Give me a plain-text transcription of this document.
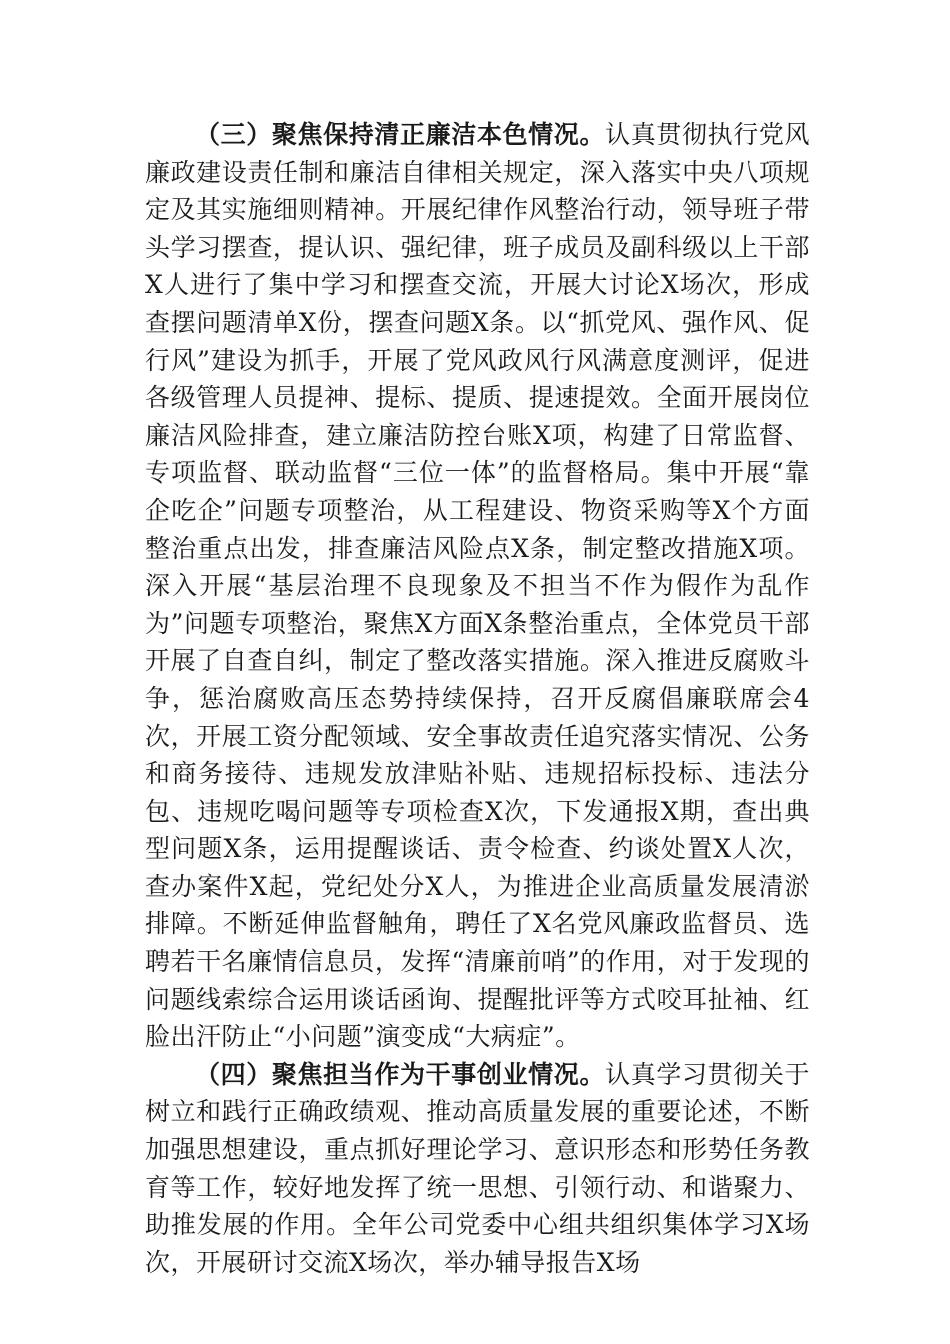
（三）聚焦保持清正廉洁本色情况。认真贯彻执行党风廉政建设责任制和廉洁自律相关规定，深入落实中央八项规定及其实施细则精神。开展纪律作风整治行动，领导班子带头学习摆查，提认识、强纪律，班子成员及副科级以上干部X人进行了集中学习和摆查交流，开展大讨论X场次，形成查摆问题清单X份，摆查问题X条。以“抓党风、强作风、促行风”建设为抓手，开展了党风政风行风满意度测评，促进各级管理人员提神、提标、提质、提速提效。全面开展岗位廉洁风险排查，建立廉洁防控台账X项，构建了日常监督、专项监督、联动监督“三位一体”的监督格局。集中开展“靠企吃企”问题专项整治，从工程建设、物资采购等X个方面整治重点出发，排查廉洁风险点X条，制定整改措施X项。深入开展“基层治理不良现象及不担当不作为假作为乱作为”问题专项整治，聚焦X方面X条整治重点，全体党员干部开展了自查自纠，制定了整改落实措施。深入推进反腐败斗争，惩治腐败高压态势持续保持，召开反腐倡廉联席会4次，开展工资分配领域、安全事故责任追究落实情况、公务和商务接待、违规发放津贴补贴、违规招标投标、违法分包、违规吃喝问题等专项检查X次，下发通报X期，查出典型问题X条，运用提醒谈话、责令检查、约谈处置X人次，查办案件X起，党纪处分X人，为推进企业高质量发展清淤排障。不断延伸监督触角，聘任了X名党风廉政监督员、选聘若干名廉情信息员，发挥“清廉前哨”的作用，对于发现的问题线索综合运用谈话函询、提醒批评等方式咬耳扯袖、红脸出汗防止“小问题”演变成“大病症”。

（四）聚焦担当作为干事创业情况。认真学习贯彻关于树立和践行正确政绩观、推动高质量发展的重要论述，不断加强思想建设，重点抓好理论学习、意识形态和形势任务教育等工作，较好地发挥了统一思想、引领行动、和谐聚力、助推发展的作用。全年公司党委中心组共组织集体学习X场次，开展研讨交流X场次，举办辅导报告X场
